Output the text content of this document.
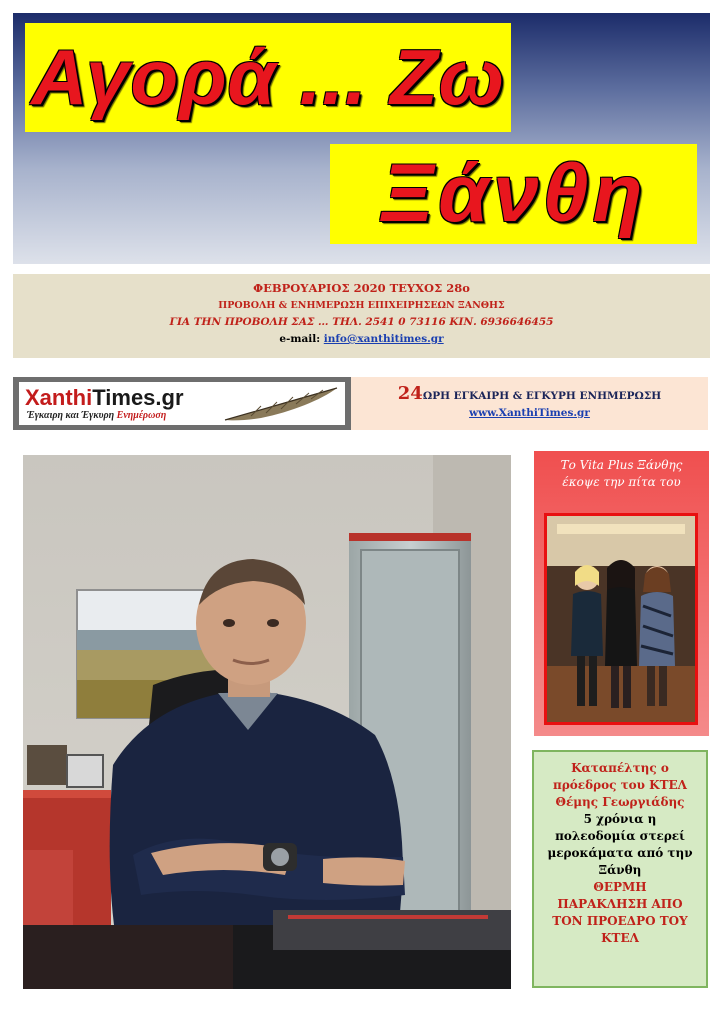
Αγορά ... Ζω
Ξάνθη
ΦΕΒΡΟΥΑΡΙΟΣ 2020 ΤΕΥΧΟΣ 28ο
ΠΡΟΒΟΛΗ & ΕΝΗΜΕΡΩΣΗ ΕΠΙΧΕΙΡΗΣΕΩΝ ΞΑΝΘΗΣ
ΓΙΑ ΤΗΝ ΠΡΟΒΟΛΗ ΣΑΣ … ΤΗΛ. 2541 0 73116 ΚΙΝ. 6936646455
e-mail: info@xanthitimes.gr
XanthiTimes.gr
Έγκαιρη και Έγκυρη Ενημέρωση
24ΩΡΗ ΕΓΚΑΙΡΗ & ΕΓΚΥΡΗ ΕΝΗΜΕΡΩΣΗ
www.XanthiTimes.gr
Το Vita Plus Ξάνθης
έκοψε την πίτα του
Καταπέλτης ο
πρόεδρος του ΚΤΕΛ
Θέμης Γεωργιάδης
5 χρόνια η
πολεοδομία στερεί
μεροκάματα από την
Ξάνθη
ΘΕΡΜΗ
ΠΑΡΑΚΛΗΣΗ ΑΠΟ
ΤΟΝ ΠΡΟΕΔΡΟ ΤΟΥ
ΚΤΕΛ
